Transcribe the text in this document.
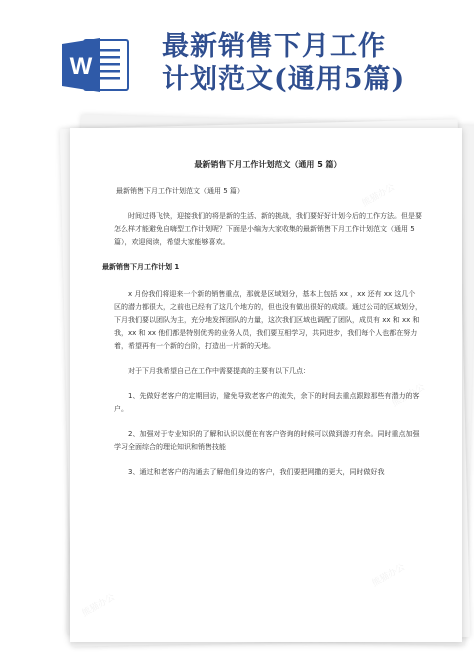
W
最新销售下月工作
计划范文(通用5篇)
熊猫办公
熊猫办公
熊猫办公
熊猫办公
最新销售下月工作计划范文（通用 5 篇）
最新销售下月工作计划范文（通用 5 篇）

时间过得飞快，迎接我们的将是新的生活、新的挑战，我们要好好计划今后的工作方法。但是要怎么样才能避免自嗨型工作计划呢？下面是小编为大家收集的最新销售下月工作计划范文（通用 5 篇），欢迎阅读，希望大家能够喜欢。

最新销售下月工作计划 1

x 月份我们将迎来一个新的销售重点，那就是区域划分，基本上包括 xx ，xx 还有 xx 这几个区的潜力都很大，之前也已经有了这几个地方的，但也没有做出很好的成绩。通过公司的区域划分，下月我们要以团队为主，充分地发挥团队的力量，这次我们区域也调配了团队，成员有 xx 和 xx 和我，xx 和 xx 他们都是特别优秀的业务人员，我们要互相学习，共同进步，我们每个人也都在努力着，希望再有一个新的台阶，打造出一片新的天地。

对于下月我希望自己在工作中需要提高的主要有以下几点：

1、先做好老客户的定期回访，避免导致老客户的流失，余下的时间去重点跟踪那些有潜力的客户。

2、加强对于专业知识的了解和认识以便在有客户咨询的时候可以做到游刃有余。同时重点加强学习全面综合的理论知识和销售技能

3、通过和老客户的沟通去了解他们身边的客户，我们要把网撒的更大，同时做好我
